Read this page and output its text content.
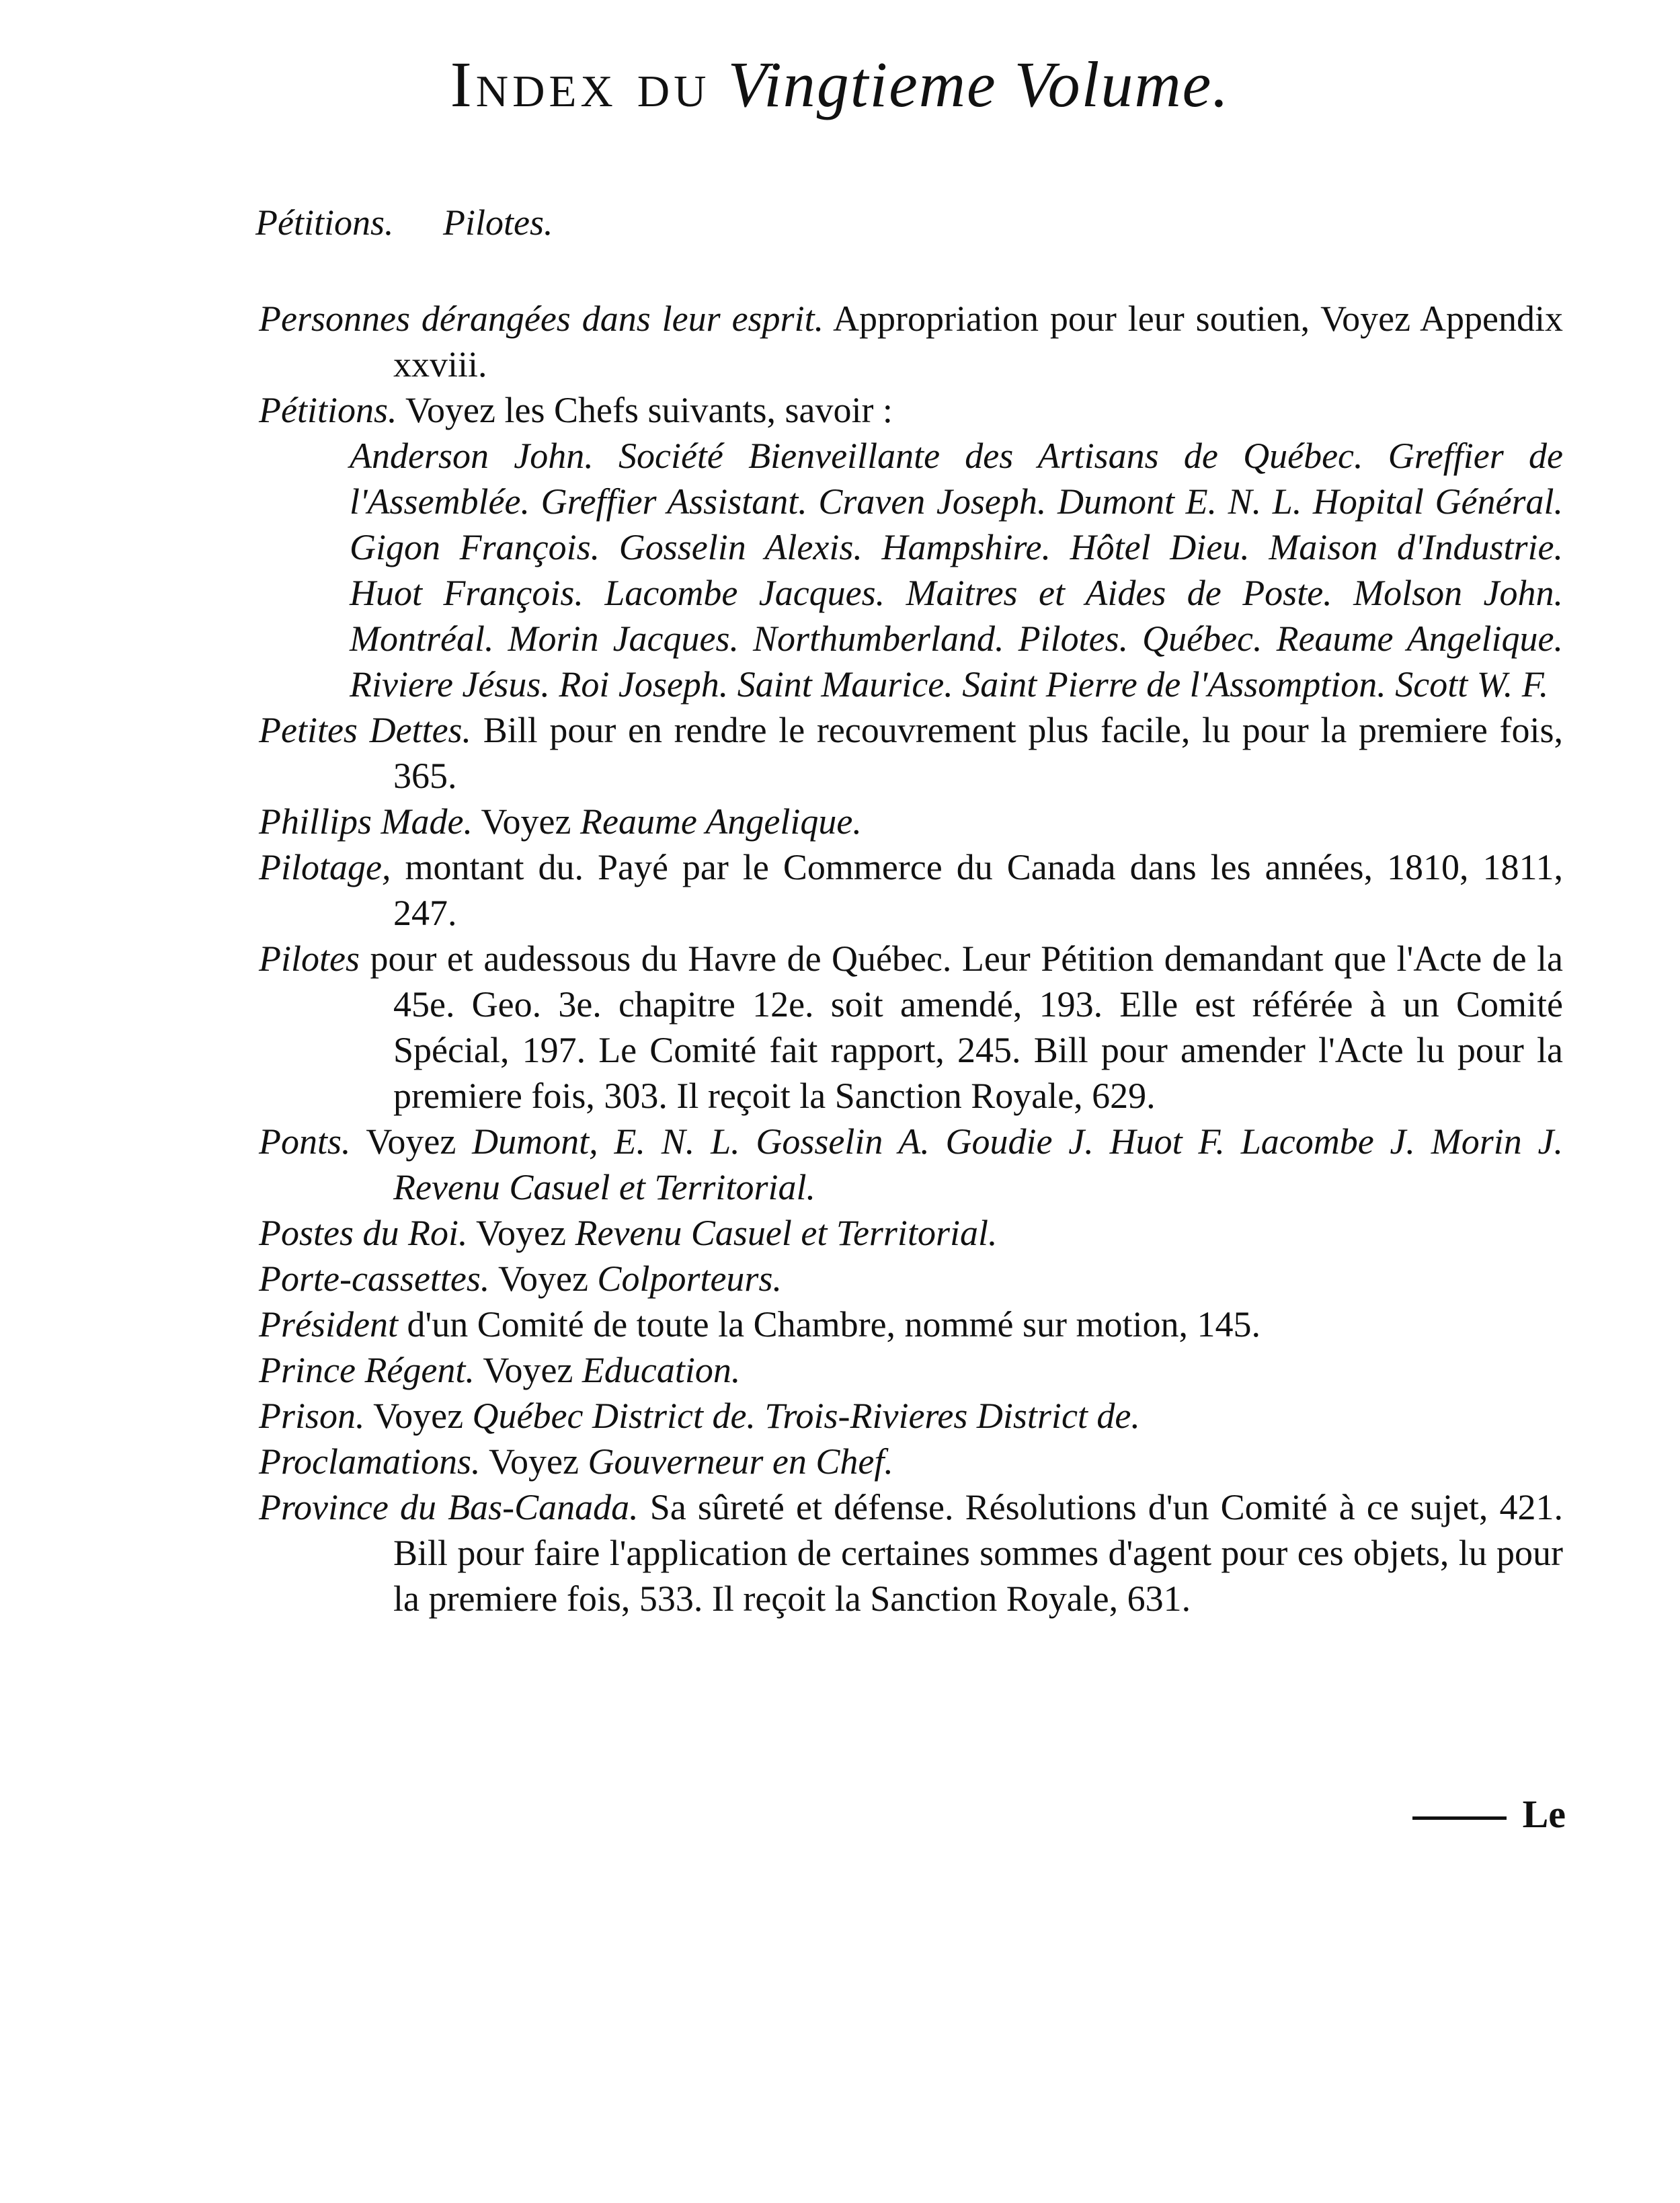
Index du Vingtieme Volume.
Pétitions. Pilotes.
Personnes dérangées dans leur esprit. Appropriation pour leur soutien, Voyez Appendix xxviii.
Pétitions. Voyez les Chefs suivants, savoir :
Anderson John. Société Bienveillante des Artisans de Québec. Greffier de l'Assemblée. Greffier Assistant. Craven Joseph. Dumont E. N. L. Hopital Général. Gigon François. Gosselin Alexis. Hampshire. Hôtel Dieu. Maison d'Industrie. Huot François. Lacombe Jacques. Maitres et Aides de Poste. Molson John. Montréal. Morin Jacques. Northumberland. Pilotes. Québec. Reaume Angelique. Riviere Jésus. Roi Joseph. Saint Maurice. Saint Pierre de l'Assomption. Scott W. F.
Petites Dettes. Bill pour en rendre le recouvrement plus facile, lu pour la premiere fois, 365.
Phillips Made. Voyez Reaume Angelique.
Pilotage, montant du. Payé par le Commerce du Canada dans les années, 1810, 1811, 247.
Pilotes pour et audessous du Havre de Québec. Leur Pétition demandant que l'Acte de la 45e. Geo. 3e. chapitre 12e. soit amendé, 193. Elle est référée à un Comité Spécial, 197. Le Comité fait rapport, 245. Bill pour amender l'Acte lu pour la premiere fois, 303. Il reçoit la Sanction Royale, 629.
Ponts. Voyez Dumont, E. N. L. Gosselin A. Goudie J. Huot F. Lacombe J. Morin J. Revenu Casuel et Territorial.
Postes du Roi. Voyez Revenu Casuel et Territorial.
Porte-cassettes. Voyez Colporteurs.
Président d'un Comité de toute la Chambre, nommé sur motion, 145.
Prince Régent. Voyez Education.
Prison. Voyez Québec District de. Trois-Rivieres District de.
Proclamations. Voyez Gouverneur en Chef.
Province du Bas-Canada. Sa sûreté et défense. Résolutions d'un Comité à ce sujet, 421. Bill pour faire l'application de certaines sommes d'agent pour ces objets, lu pour la premiere fois, 533. Il reçoit la Sanction Royale, 631.
Le
